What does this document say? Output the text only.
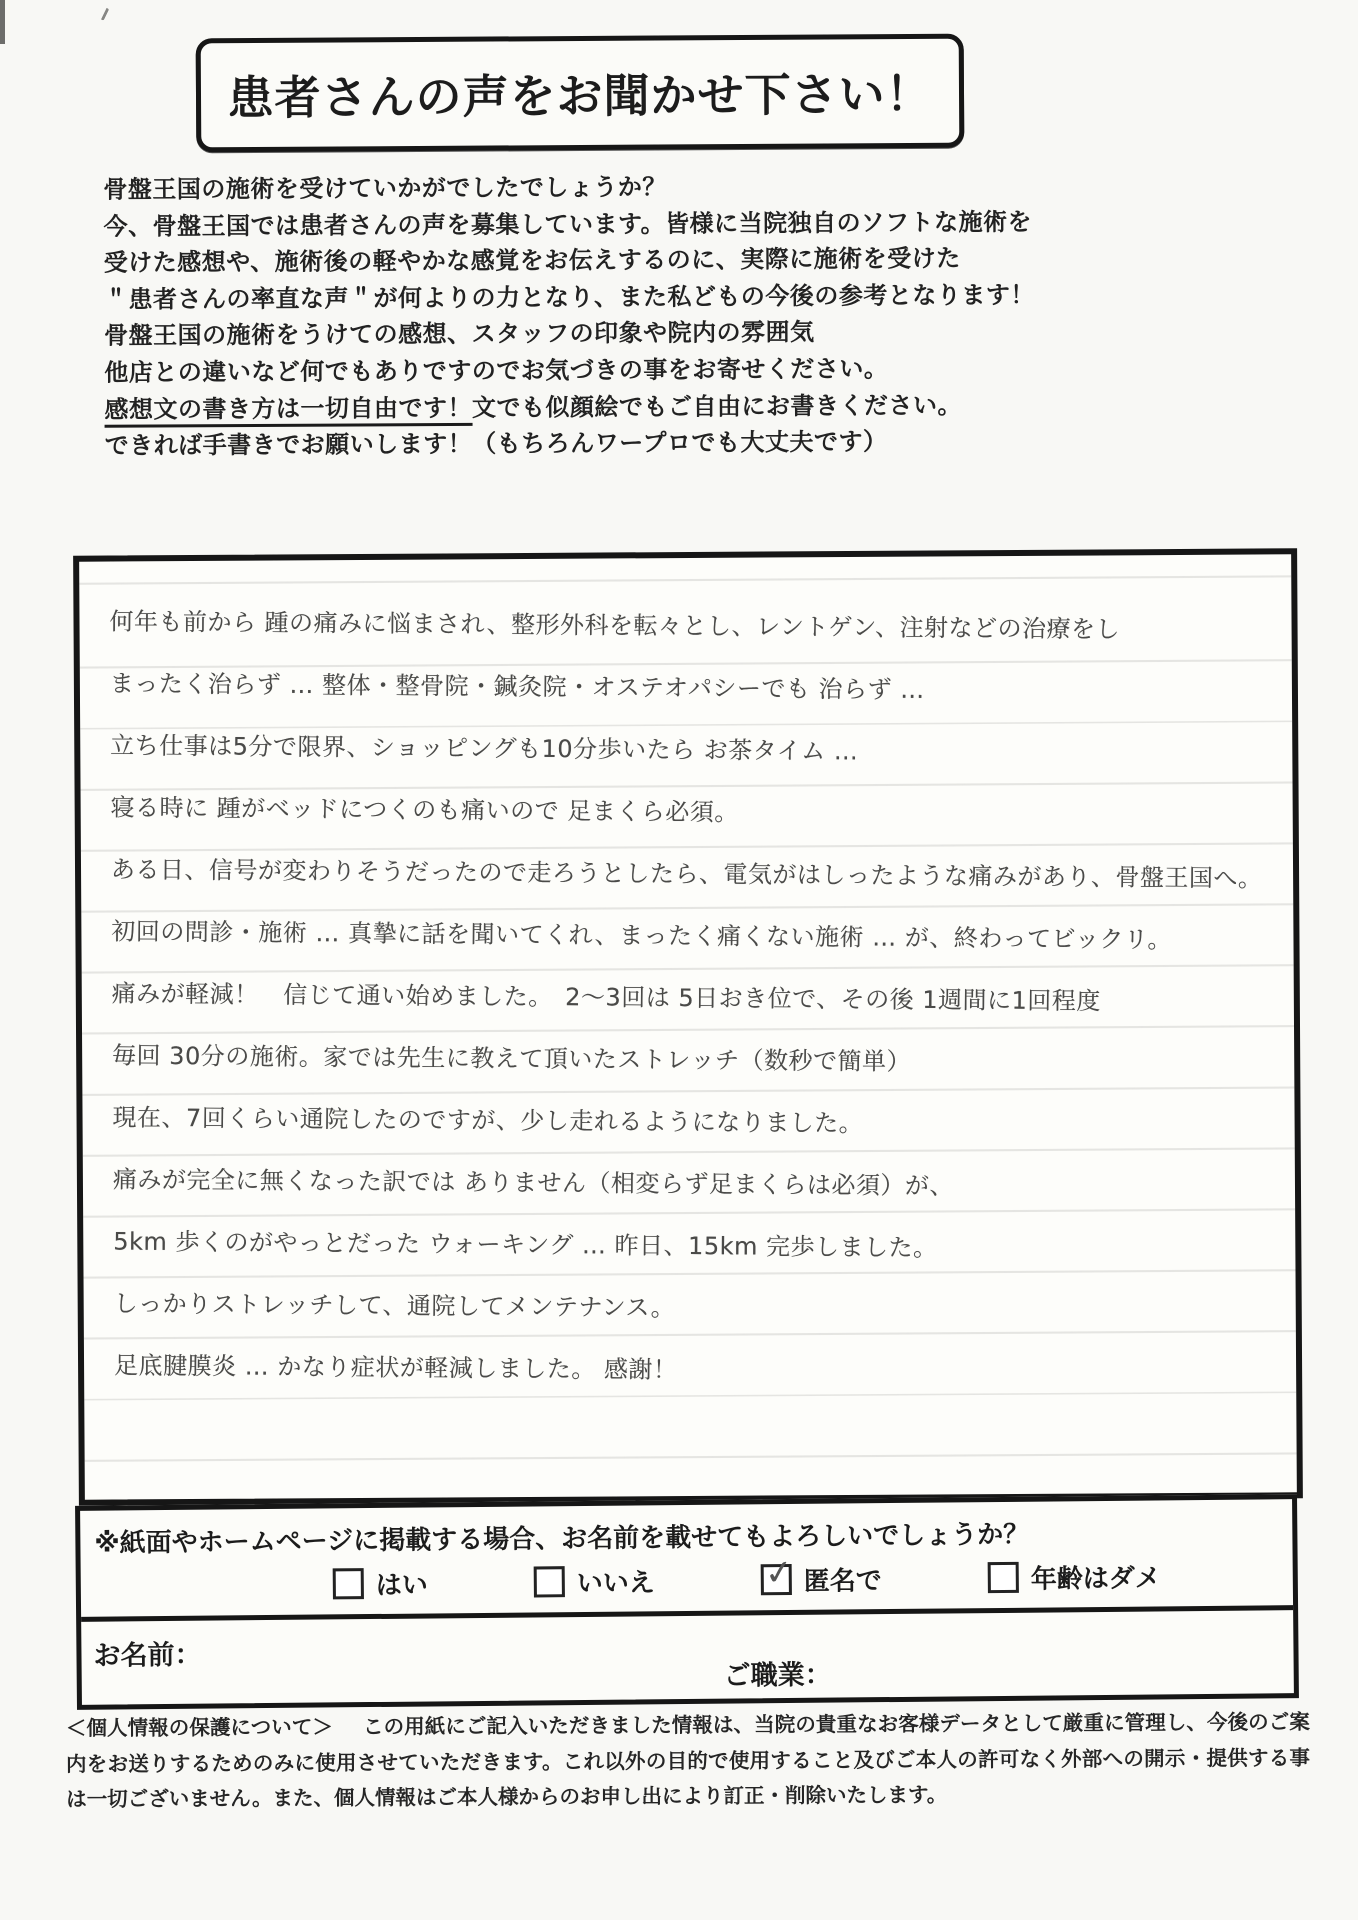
患者さんの声をお聞かせ下さい！
骨盤王国の施術を受けていかがでしたでしょうか？
今、骨盤王国では患者さんの声を募集しています。皆様に当院独自のソフトな施術を
受けた感想や、施術後の軽やかな感覚をお伝えするのに、実際に施術を受けた
＂患者さんの率直な声＂が何よりの力となり、また私どもの今後の参考となります！
骨盤王国の施術をうけての感想、スタッフの印象や院内の雰囲気
他店との違いなど何でもありですのでお気づきの事をお寄せください。
感想文の書き方は一切自由です！文でも似顔絵でもご自由にお書きください。
できれば手書きでお願いします！（もちろんワープロでも大丈夫です）
何年も前から 踵の痛みに悩まされ、整形外科を転々とし、レントゲン、注射などの治療をし
まったく治らず … 整体・整骨院・鍼灸院・オステオパシーでも 治らず …
立ち仕事は5分で限界、ショッピングも10分歩いたら お茶タイム …
寝る時に 踵がベッドにつくのも痛いので 足まくら必須。
ある日、信号が変わりそうだったので走ろうとしたら、電気がはしったような痛みがあり、骨盤王国へ。
初回の問診・施術 … 真摯に話を聞いてくれ、まったく痛くない施術 … が、終わってビックリ。
痛みが軽減！　信じて通い始めました。　2～3回は 5日おき位で、その後 1週間に1回程度
毎回 30分の施術。家では先生に教えて頂いたストレッチ（数秒で簡単）
現在、7回くらい通院したのですが、少し走れるようになりました。
痛みが完全に無くなった訳では ありません（相変らず足まくらは必須）が、
5km 歩くのがやっとだった ウォーキング … 昨日、15km 完歩しました。
しっかりストレッチして、通院してメンテナンス。
足底腱膜炎 … かなり症状が軽減しました。 感謝！
※紙面やホームページに掲載する場合、お名前を載せてもよろしいでしょうか？
はい	いいえ	✓ 匿名で	年齢はダメ
お名前：
ご職業：
＜個人情報の保護について＞ この用紙にご記入いただきました情報は、当院の貴重なお客様データとして厳重に管理し、今後のご案内をお送りするためのみに使用させていただきます。これ以外の目的で使用すること及びご本人の許可なく外部への開示・提供する事は一切ございません。また、個人情報はご本人様からのお申し出により訂正・削除いたします。
